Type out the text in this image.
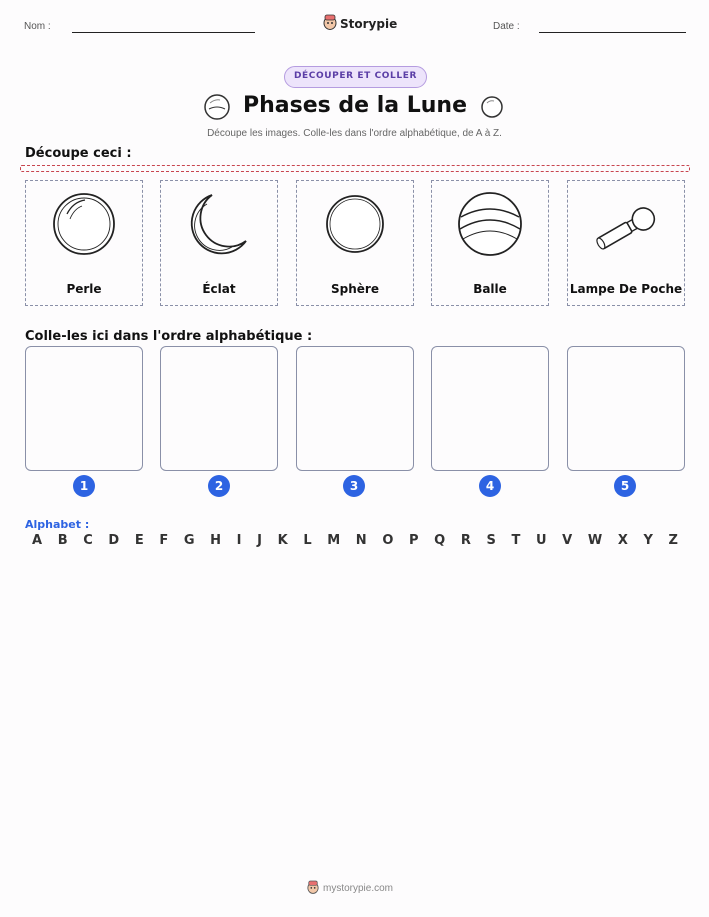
Nom :	Storypie	Date :
DÉCOUPER ET COLLER
Phases de la Lune
Découpe les images. Colle-les dans l'ordre alphabétique, de A à Z.
Découpe ceci :
Perle	Éclat	Sphère	Balle	Lampe De Poche
Colle-les ici dans l'ordre alphabétique :
1	2	3	4	5
Alphabet :
A B C D E F G H I J K L M N O P Q R S T U V W X Y Z
mystorypie.com
